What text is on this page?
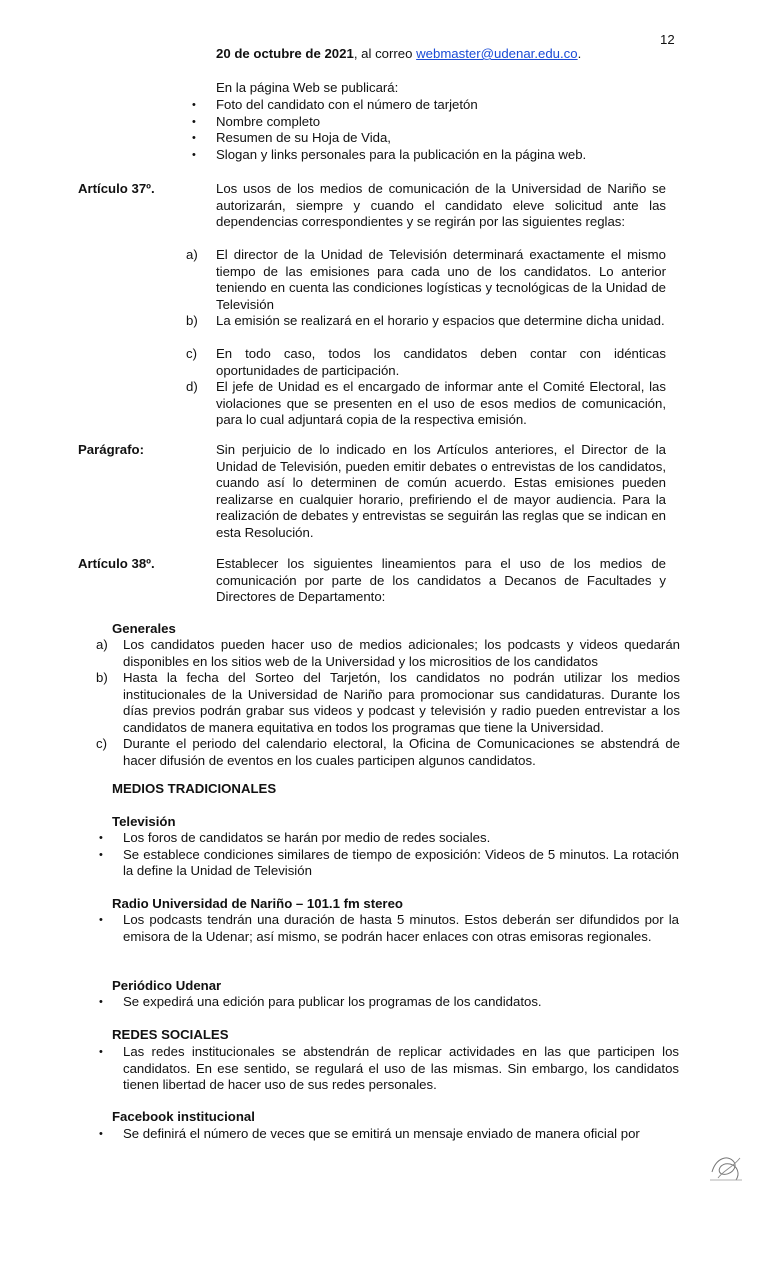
12
20 de octubre de 2021, al correo webmaster@udenar.edu.co.
En la página Web se publicará:
• Foto del candidato con el número de tarjetón
• Nombre completo
• Resumen de su Hoja de Vida,
• Slogan y links personales para la publicación en la página web.
Artículo 37º.	Los usos de los medios de comunicación de la Universidad de Nariño se autorizarán, siempre y cuando el candidato eleve solicitud ante las dependencias correspondientes y se regirán por las siguientes reglas:
a) El director de la Unidad de Televisión determinará exactamente el mismo tiempo de las emisiones para cada uno de los candidatos. Lo anterior teniendo en cuenta las condiciones logísticas y tecnológicas de la Unidad de Televisión
b) La emisión se realizará en el horario y espacios que determine dicha unidad.
c) En todo caso, todos los candidatos deben contar con idénticas oportunidades de participación.
d) El jefe de Unidad es el encargado de informar ante el Comité Electoral, las violaciones que se presenten en el uso de esos medios de comunicación, para lo cual adjuntará copia de la respectiva emisión.
Parágrafo:	Sin perjuicio de lo indicado en los Artículos anteriores, el Director de la Unidad de Televisión, pueden emitir debates o entrevistas de los candidatos, cuando así lo determinen de común acuerdo. Estas emisiones pueden realizarse en cualquier horario, prefiriendo el de mayor audiencia. Para la realización de debates y entrevistas se seguirán las reglas que se indican en esta Resolución.
Artículo 38º.	Establecer los siguientes lineamientos para el uso de los medios de comunicación por parte de los candidatos a Decanos de Facultades y Directores de Departamento:
Generales
a) Los candidatos pueden hacer uso de medios adicionales; los podcasts y videos quedarán disponibles en los sitios web de la Universidad y los micrositios de los candidatos
b) Hasta la fecha del Sorteo del Tarjetón, los candidatos no podrán utilizar los medios institucionales de la Universidad de Nariño para promocionar sus candidaturas. Durante los días previos podrán grabar sus videos y podcast y televisión y radio pueden entrevistar a los candidatos de manera equitativa en todos los programas que tiene la Universidad.
c) Durante el periodo del calendario electoral, la Oficina de Comunicaciones se abstendrá de hacer difusión de eventos en los cuales participen algunos candidatos.
MEDIOS TRADICIONALES
Televisión
• Los foros de candidatos se harán por medio de redes sociales.
• Se establece condiciones similares de tiempo de exposición: Videos de 5 minutos. La rotación la define la Unidad de Televisión
Radio Universidad de Nariño – 101.1 fm stereo
• Los podcasts tendrán una duración de hasta 5 minutos. Estos deberán ser difundidos por la emisora de la Udenar; así mismo, se podrán hacer enlaces con otras emisoras regionales.
Periódico Udenar
• Se expedirá una edición para publicar los programas de los candidatos.
REDES SOCIALES
• Las redes institucionales se abstendrán de replicar actividades en las que participen los candidatos. En ese sentido, se regulará el uso de las mismas. Sin embargo, los candidatos tienen libertad de hacer uso de sus redes personales.
Facebook institucional
• Se definirá el número de veces que se emitirá un mensaje enviado de manera oficial por
